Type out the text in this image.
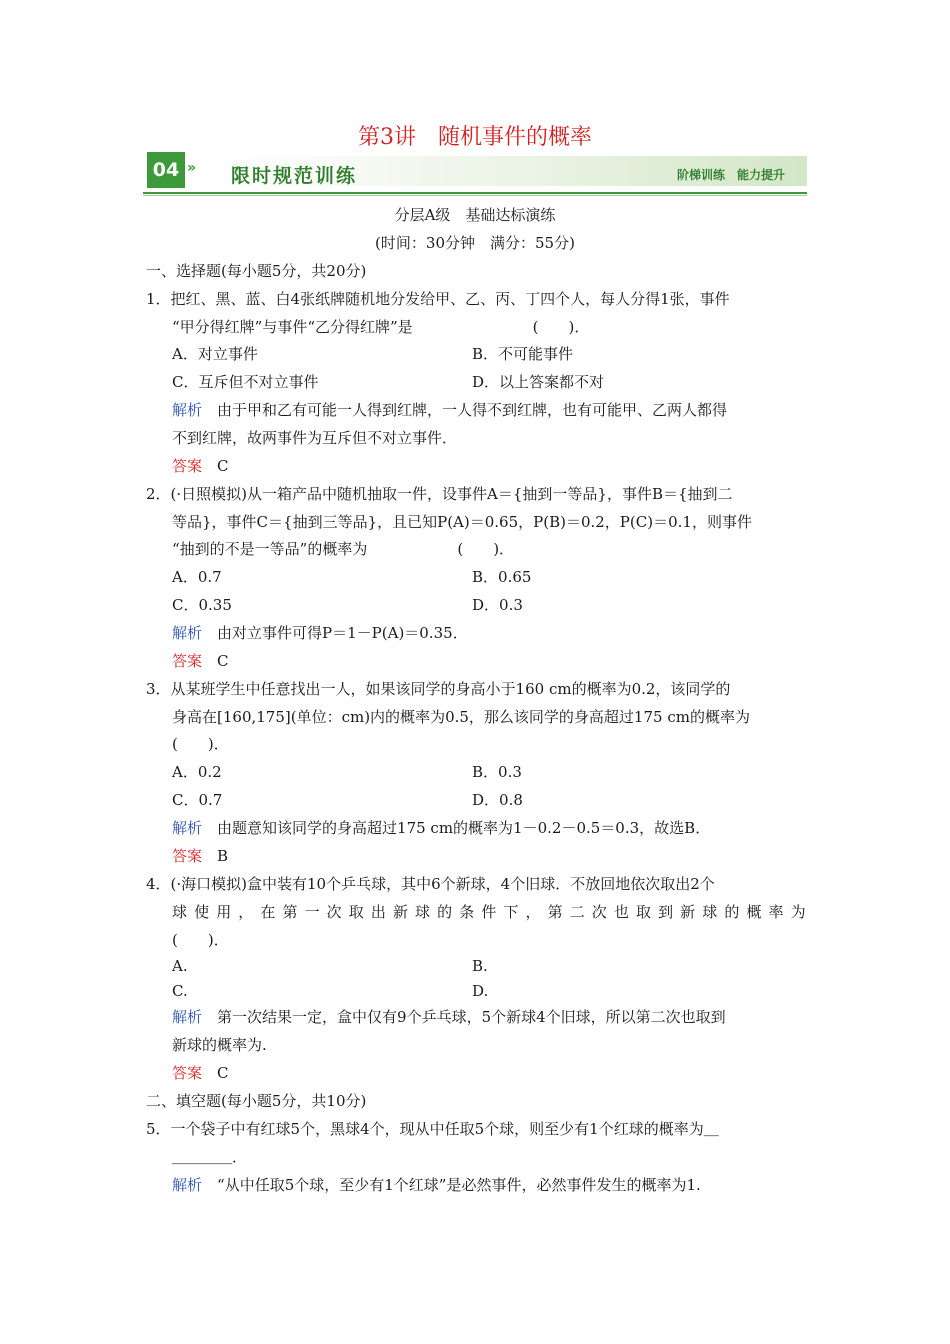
第3讲　随机事件的概率
04 » 限时规范训练	阶梯训练　能力提升
分层A级　基础达标演练
(时间：30分钟　满分：55分)
一、选择题(每小题5分，共20分)
1．把红、黑、蓝、白4张纸牌随机地分发给甲、乙、丙、丁四个人，每人分得1张，事件
“甲分得红牌”与事件“乙分得红牌”是　　　　　　　　(　　)．
A．对立事件	B．不可能事件
C．互斥但不对立事件	D．以上答案都不对
解析　 由于甲和乙有可能一人得到红牌，一人得不到红牌，也有可能甲、乙两人都得
不到红牌，故两事件为互斥但不对立事件．
答案　 C
2．(·日照模拟)从一箱产品中随机抽取一件，设事件A＝{抽到一等品}，事件B＝{抽到二
等品}，事件C＝{抽到三等品}，且已知P(A)＝0.65，P(B)＝0.2，P(C)＝0.1，则事件
“抽到的不是一等品”的概率为　　　　　　(　　)．
A．0.7	B．0.65
C．0.35	D．0.3
解析　 由对立事件可得P＝1－P(A)＝0.35．
答案　 C
3．从某班学生中任意找出一人，如果该同学的身高小于160 cm的概率为0.2，该同学的
身高在[160,175](单位：cm)内的概率为0.5，那么该同学的身高超过175 cm的概率为
(　　)．
A．0.2	B．0.3
C．0.7	D．0.8
解析　 由题意知该同学的身高超过175 cm的概率为1－0.2－0.5＝0.3，故选B．
答案　 B
4．(·海口模拟)盒中装有10个乒乓球，其中6个新球，4个旧球．不放回地依次取出2个
球 使 用 ， 在 第 一 次 取 出 新 球 的 条 件 下 ， 第 二 次 也 取 到 新 球 的 概 率 为
(　　)．
A.	B.
C.	D.
解析　 第一次结果一定，盒中仅有9个乒乓球，5个新球4个旧球，所以第二次也取到
新球的概率为.
答案　 C
二、填空题(每小题5分，共10分)
5．一个袋子中有红球5个，黑球4个，现从中任取5个球，则至少有1个红球的概率为＿
＿＿＿＿．
解析　 “从中任取5个球，至少有1个红球”是必然事件，必然事件发生的概率为1.
